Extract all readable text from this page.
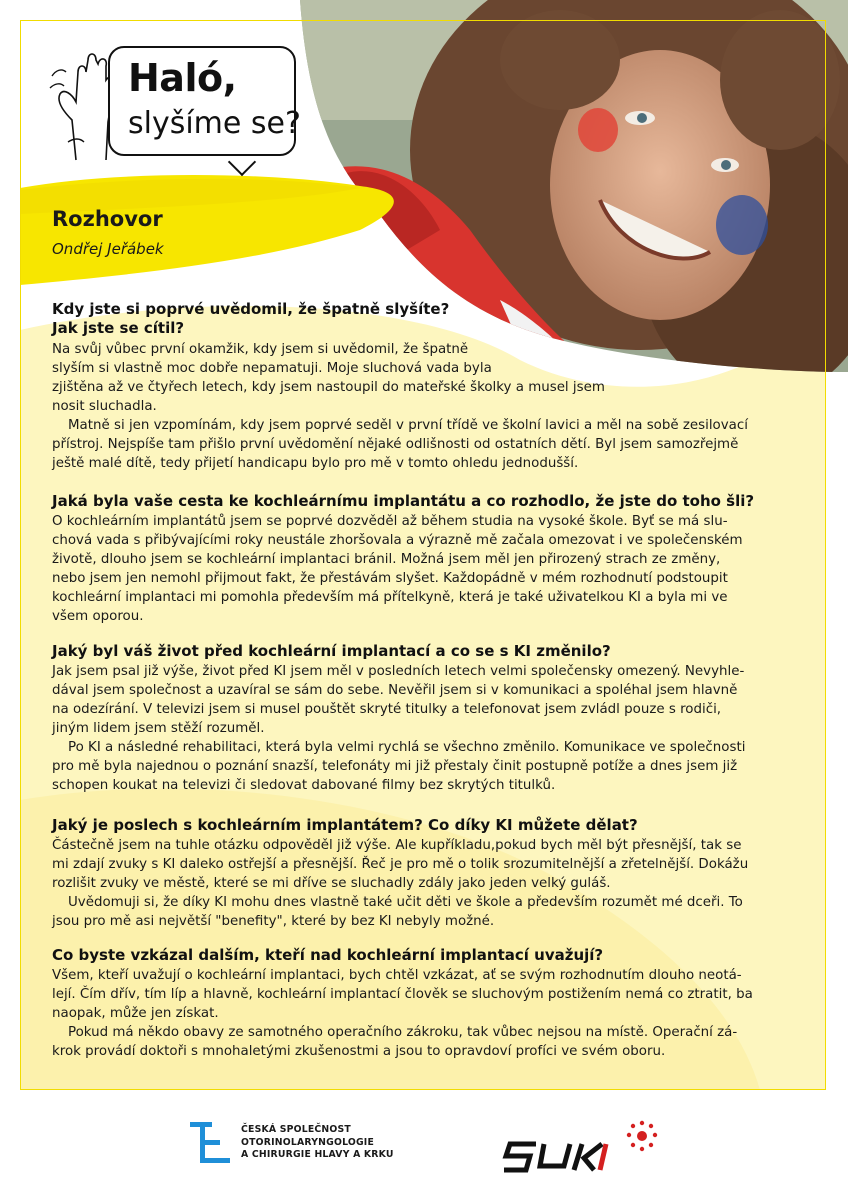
Haló,
slyšíme se?
Rozhovor
Ondřej Jeřábek
Kdy jste si poprvé uvědomil, že špatně slyšíte?
Jak jste se cítil?
Na svůj vůbec první okamžik, kdy jsem si uvědomil, že špatně
slyším si vlastně moc dobře nepamatuji. Moje sluchová vada byla
zjištěna až ve čtyřech letech, kdy jsem nastoupil do mateřské školky a musel jsem
nosit sluchadla.
Matně si jen vzpomínám, kdy jsem poprvé seděl v první třídě ve školní lavici a měl na sobě zesilovací
přístroj. Nejspíše tam přišlo první uvědomění nějaké odlišnosti od ostatních dětí. Byl jsem samozřejmě
ještě malé dítě, tedy přijetí handicapu bylo pro mě v tomto ohledu jednodušší.
Jaká byla vaše cesta ke kochleárnímu implantátu a co rozhodlo, že jste do toho šli?
O kochleárním implantátů jsem se poprvé dozvěděl až během studia na vysoké škole. Byť se má slu-
chová vada s přibývajícími roky neustále zhoršovala a výrazně mě začala omezovat i ve společenském
životě, dlouho jsem se kochleární implantaci bránil. Možná jsem měl jen přirozený strach ze změny,
nebo jsem jen nemohl přijmout fakt, že přestávám slyšet. Každopádně v mém rozhodnutí podstoupit
kochleární implantaci mi pomohla především má přítelkyně, která je také uživatelkou KI a byla mi ve
všem oporou.
Jaký byl váš život před kochleární implantací a co se s KI změnilo?
Jak jsem psal již výše, život před KI jsem měl v posledních letech velmi společensky omezený. Nevyhle-
dával jsem společnost a uzavíral se sám do sebe. Nevěřil jsem si v komunikaci a spoléhal jsem hlavně
na odezírání. V televizi jsem si musel pouštět skryté titulky a telefonovat jsem zvládl pouze s rodiči,
jiným lidem jsem stěží rozuměl.
Po KI a následné rehabilitaci, která byla velmi rychlá se všechno změnilo. Komunikace ve společnosti
pro mě byla najednou o poznání snazší, telefonáty mi již přestaly činit postupně potíže a dnes jsem již
schopen koukat na televizi či sledovat dabované filmy bez skrytých titulků.
Jaký je poslech s kochleárním implantátem? Co díky KI můžete dělat?
Částečně jsem na tuhle otázku odpověděl již výše. Ale kupříkladu,pokud bych měl být přesnější, tak se
mi zdají zvuky s KI daleko ostřejší a přesnější. Řeč je pro mě o tolik srozumitelnější a zřetelnější. Dokážu
rozlišit zvuky ve městě, které se mi dříve se sluchadly zdály jako jeden velký guláš.
Uvědomuji si, že díky KI mohu dnes vlastně také učit děti ve škole a především rozumět mé dceři. To
jsou pro mě asi největší "benefity", které by bez KI nebyly možné.
Co byste vzkázal dalším, kteří nad kochleární implantací uvažují?
Všem, kteří uvažují o kochleární implantaci, bych chtěl vzkázat, ať se svým rozhodnutím dlouho neotá-
lejí. Čím dřív, tím líp a hlavně, kochleární implantací člověk se sluchovým postižením nemá co ztratit, ba
naopak, může jen získat.
Pokud má někdo obavy ze samotného operačního zákroku, tak vůbec nejsou na místě. Operační zá-
krok provádí doktoři s mnohaletými zkušenostmi a jsou to opravdoví profíci ve svém oboru.
ČESKÁ SPOLEČNOST
OTORINOLARYNGOLOGIE
A CHIRURGIE HLAVY A KRKU
